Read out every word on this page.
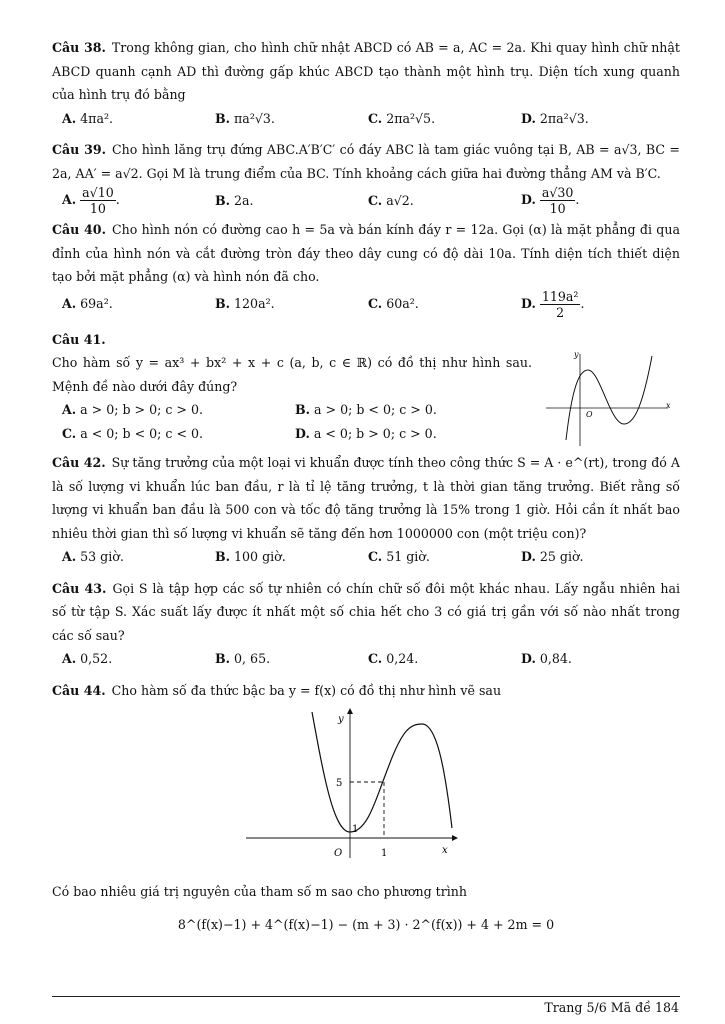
Câu 38. Trong không gian, cho hình chữ nhật ABCD có AB = a, AC = 2a. Khi quay hình chữ nhật ABCD quanh cạnh AD thì đường gấp khúc ABCD tạo thành một hình trụ. Diện tích xung quanh của hình trụ đó bằng

A. 4πa².	B. πa²√3.	C. 2πa²√5.	D. 2πa²√3.

Câu 39. Cho hình lăng trụ đứng ABC.A′B′C′ có đáy ABC là tam giác vuông tại B, AB = a√3, BC = 2a, AA′ = a√2. Gọi M là trung điểm của BC. Tính khoảng cách giữa hai đường thẳng AM và B′C.

A. $\frac{a√10}{10}$ .	B. 2a.	C. a√2.	D. $\frac{a√30}{10}$ .

Câu 40. Cho hình nón có đường cao h = 5a và bán kính đáy r = 12a. Gọi (α) là mặt phẳng đi qua đỉnh của hình nón và cắt đường tròn đáy theo dây cung có độ dài 10a. Tính diện tích thiết diện tạo bởi mặt phẳng (α) và hình nón đã cho.

A. 69a².	B. 120a².	C. 60a².	D. $\frac{\text{119a²}}{2}$ .

Câu 41.

Cho hàm số y = ax³ + bx² + x + c (a, b, c ∈ ℝ) có đồ thị như hình sau. Mệnh đề nào dưới đây đúng?

A. a > 0; b > 0; c > 0.	B. a > 0; b < 0; c > 0.
C. a < 0; b < 0; c < 0.	D. a < 0; b > 0; c > 0.
y
x
O

Câu 42. Sự tăng trưởng của một loại vi khuẩn được tính theo công thức S = A · e^(rt), trong đó A là số lượng vi khuẩn lúc ban đầu, r là tỉ lệ tăng trưởng, t là thời gian tăng trưởng. Biết rằng số lượng vi khuẩn ban đầu là 500 con và tốc độ tăng trưởng là 15% trong 1 giờ. Hỏi cần ít nhất bao nhiêu thời gian thì số lượng vi khuẩn sẽ tăng đến hơn 1000000 con (một triệu con)?

A. 53 giờ.	B. 100 giờ.	C. 51 giờ.	D. 25 giờ.

Câu 43. Gọi S là tập hợp các số tự nhiên có chín chữ số đôi một khác nhau. Lấy ngẫu nhiên hai số từ tập S. Xác suất lấy được ít nhất một số chia hết cho 3 có giá trị gần với số nào nhất trong các số sau?

A. 0,52.	B. 0, 65.	C. 0,24.	D. 0,84.

Câu 44. Cho hàm số đa thức bậc ba y = f(x) có đồ thị như hình vẽ sau

y
x
O
5
1
1

Có bao nhiêu giá trị nguyên của tham số m sao cho phương trình

8^(f(x)−1) + 4^(f(x)−1) − (m + 3) · 2^(f(x)) + 4 + 2m = 0

Trang 5/6 Mã đề 184
